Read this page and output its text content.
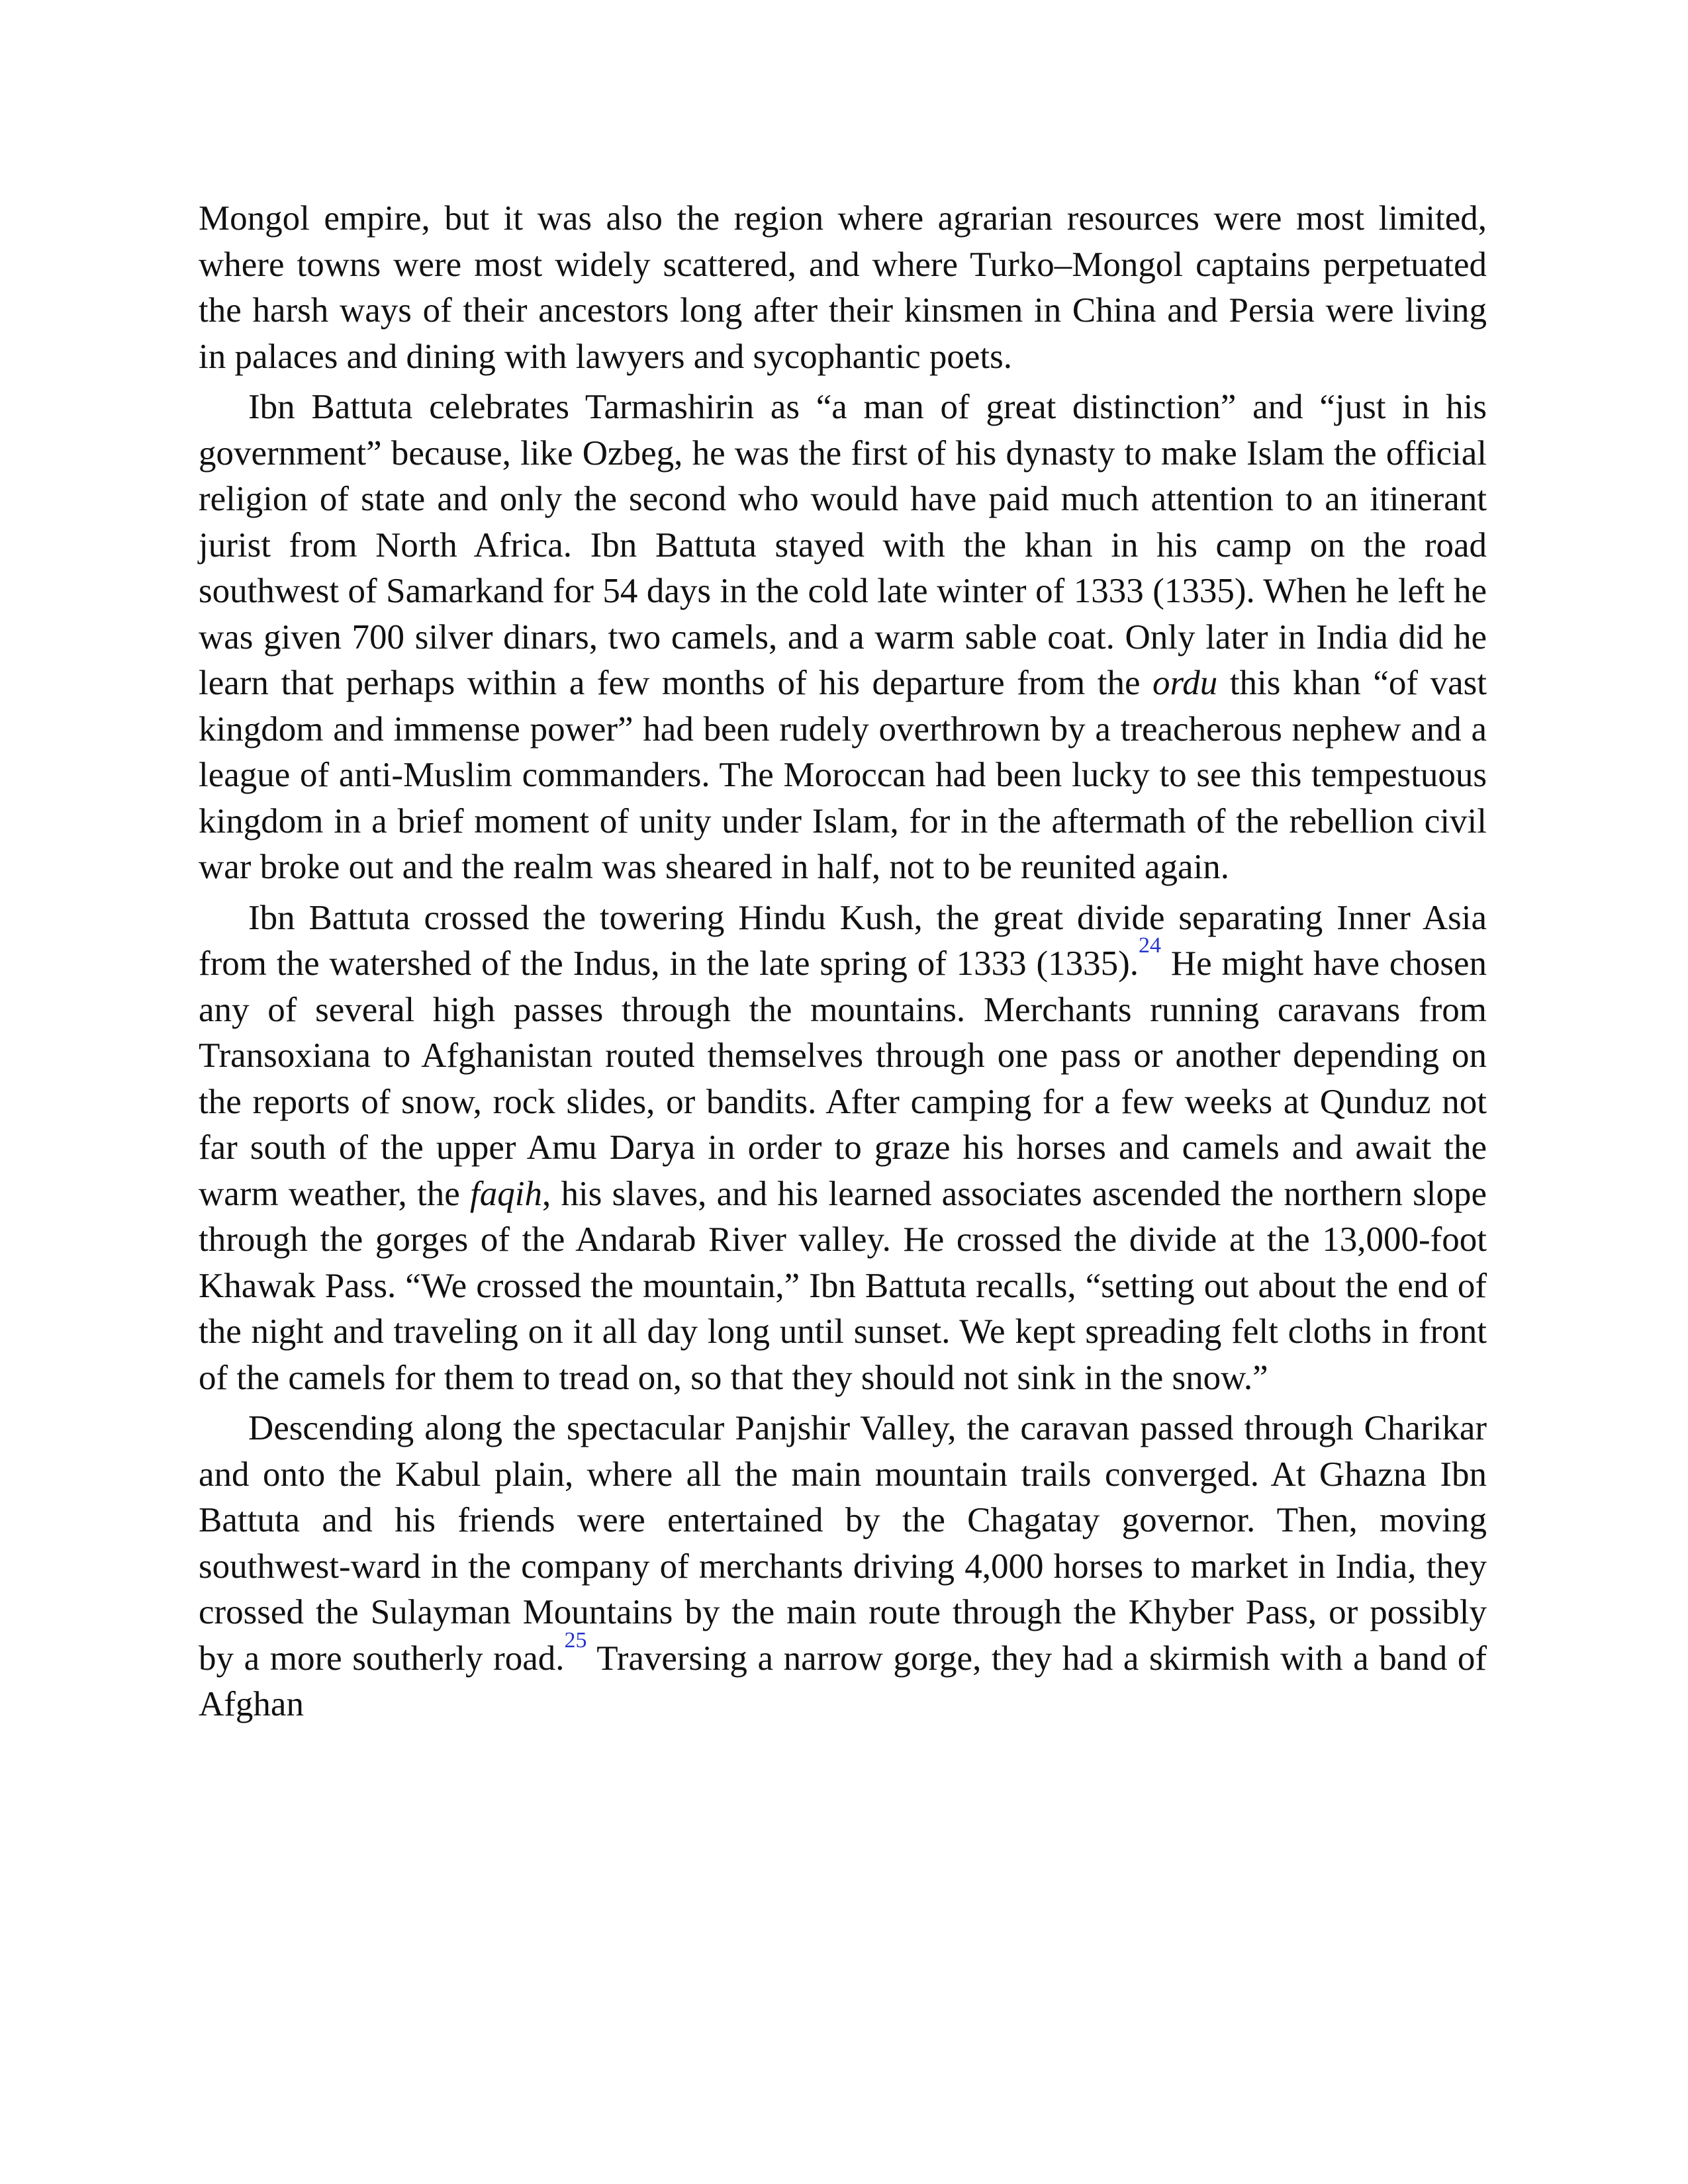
Mongol empire, but it was also the region where agrarian resources were most limited, where towns were most widely scattered, and where Turko–Mongol captains perpetuated the harsh ways of their ancestors long after their kinsmen in China and Persia were living in palaces and dining with lawyers and sycophantic poets.

Ibn Battuta celebrates Tarmashirin as “a man of great distinction” and “just in his government” because, like Ozbeg, he was the first of his dynasty to make Islam the official religion of state and only the second who would have paid much attention to an itinerant jurist from North Africa. Ibn Battuta stayed with the khan in his camp on the road southwest of Samarkand for 54 days in the cold late winter of 1333 (1335). When he left he was given 700 silver dinars, two camels, and a warm sable coat. Only later in India did he learn that perhaps within a few months of his departure from the ordu this khan “of vast kingdom and immense power” had been rudely overthrown by a treacherous nephew and a league of anti-Muslim commanders. The Moroccan had been lucky to see this tempestuous kingdom in a brief moment of unity under Islam, for in the aftermath of the rebellion civil war broke out and the realm was sheared in half, not to be reunited again.

Ibn Battuta crossed the towering Hindu Kush, the great divide separating Inner Asia from the watershed of the Indus, in the late spring of 1333 (1335).$^{24}$ He might have chosen any of several high passes through the mountains. Merchants running caravans from Transoxiana to Afghanistan routed themselves through one pass or another depending on the reports of snow, rock slides, or bandits. After camping for a few weeks at Qunduz not far south of the upper Amu Darya in order to graze his horses and camels and await the warm weather, the faqih, his slaves, and his learned associates ascended the northern slope through the gorges of the Andarab River valley. He crossed the divide at the 13,000-foot Khawak Pass. “We crossed the mountain,” Ibn Battuta recalls, “setting out about the end of the night and traveling on it all day long until sunset. We kept spreading felt cloths in front of the camels for them to tread on, so that they should not sink in the snow.”

Descending along the spectacular Panjshir Valley, the caravan passed through Charikar and onto the Kabul plain, where all the main mountain trails converged. At Ghazna Ibn Battuta and his friends were entertained by the Chagatay governor. Then, moving southwest-ward in the company of merchants driving 4,000 horses to market in India, they crossed the Sulayman Mountains by the main route through the Khyber Pass, or possibly by a more southerly road.$^{25}$ Traversing a narrow gorge, they had a skirmish with a band of Afghan
